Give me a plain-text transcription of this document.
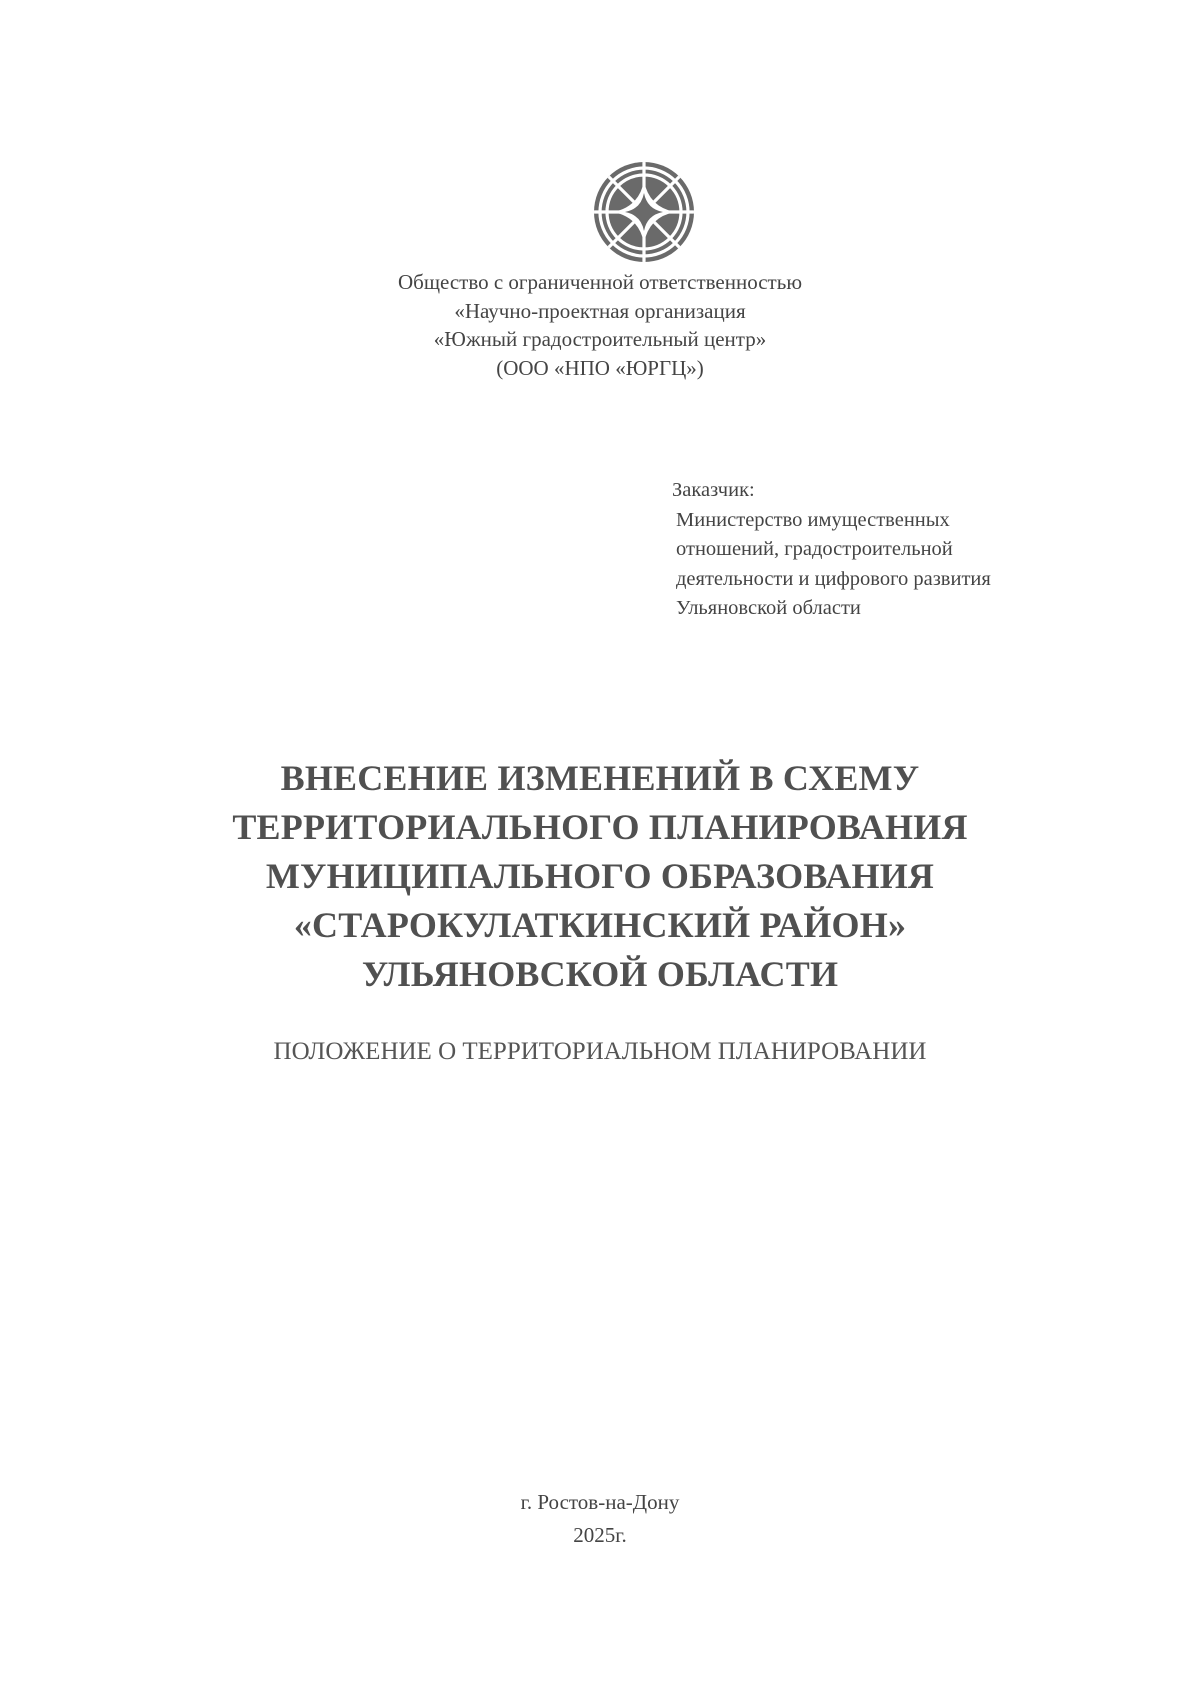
Общество с ограниченной ответственностью
«Научно-проектная организация
«Южный градостроительный центр»
(ООО «НПО «ЮРГЦ»)
Заказчик:
Министерство имущественных
отношений, градостроительной
деятельности и цифрового развития
Ульяновской области
ВНЕСЕНИЕ ИЗМЕНЕНИЙ В СХЕМУ
ТЕРРИТОРИАЛЬНОГО ПЛАНИРОВАНИЯ
МУНИЦИПАЛЬНОГО ОБРАЗОВАНИЯ
«СТАРОКУЛАТКИНСКИЙ РАЙОН»
УЛЬЯНОВСКОЙ ОБЛАСТИ
ПОЛОЖЕНИЕ О ТЕРРИТОРИАЛЬНОМ ПЛАНИРОВАНИИ
г. Ростов-на-Дону
2025г.
